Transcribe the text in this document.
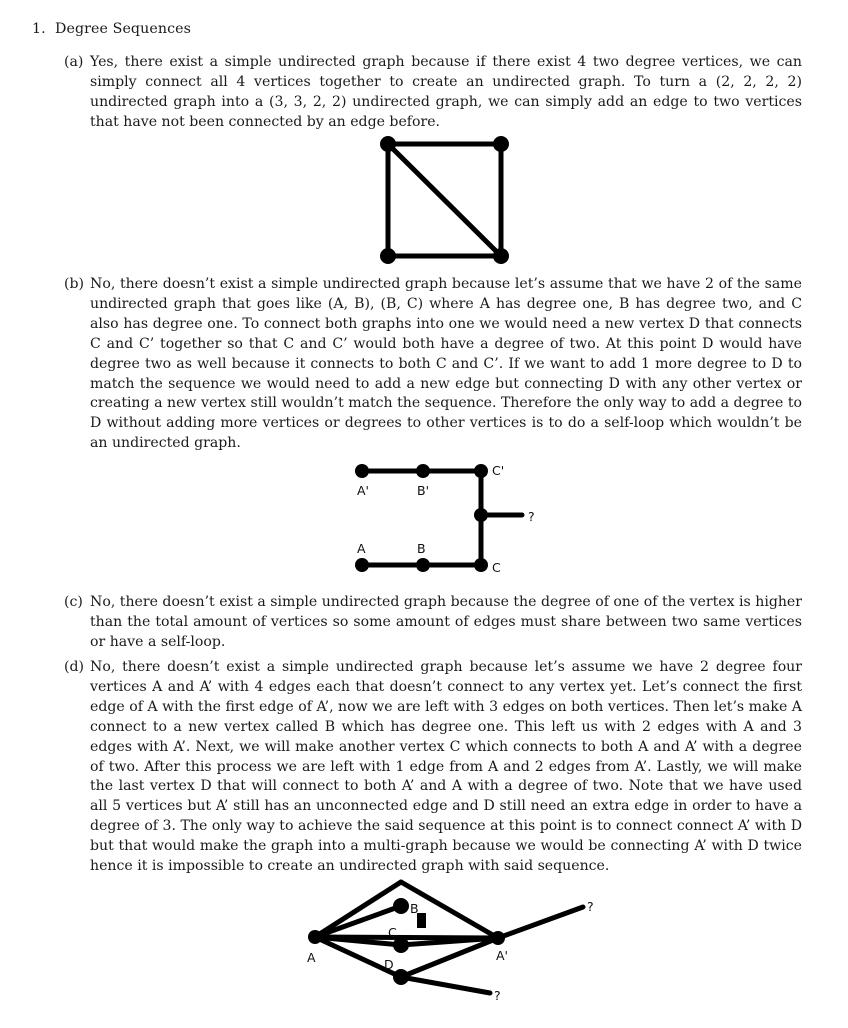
1. Degree Sequences
(a) Yes, there exist a simple undirected graph because if there exist 4 two degree vertices, we can simply connect all 4 vertices together to create an undirected graph. To turn a (2, 2, 2, 2) undirected graph into a (3, 3, 2, 2) undirected graph, we can simply add an edge to two vertices that have not been connected by an edge before.
(b) No, there doesn’t exist a simple undirected graph because let’s assume that we have 2 of the same undirected graph that goes like (A, B), (B, C) where A has degree one, B has degree two, and C also has degree one. To connect both graphs into one we would need a new vertex D that connects C and C’ together so that C and C’ would both have a degree of two. At this point D would have degree two as well because it connects to both C and C’. If we want to add 1 more degree to D to match the sequence we would need to add a new edge but connecting D with any other vertex or creating a new vertex still wouldn’t match the sequence. Therefore the only way to add a degree to D without adding more vertices or degrees to other vertices is to do a self-loop which wouldn’t be an undirected graph.
A'	B'
C'
?
A	B
C
(c) No, there doesn’t exist a simple undirected graph because the degree of one of the vertex is higher than the total amount of vertices so some amount of edges must share between two same vertices or have a self-loop.
(d) No, there doesn’t exist a simple undirected graph because let’s assume we have 2 degree four vertices A and A’ with 4 edges each that doesn’t connect to any vertex yet. Let’s connect the first edge of A with the first edge of A’, now we are left with 3 edges on both vertices. Then let’s make A connect to a new vertex called B which has degree one. This left us with 2 edges with A and 3 edges with A’. Next, we will make another vertex C which connects to both A and A’ with a degree of two. After this process we are left with 1 edge from A and 2 edges from A’. Lastly, we will make the last vertex D that will connect to both A’ and A with a degree of two. Note that we have used all 5 vertices but A’ still has an unconnected edge and D still need an extra edge in order to have a degree of 3. The only way to achieve the said sequence at this point is to connect connect A’ with D but that would make the graph into a multi-graph because we would be connecting A’ with D twice hence it is impossible to create an undirected graph with said sequence.
A
B
C
D
A'
?
?
